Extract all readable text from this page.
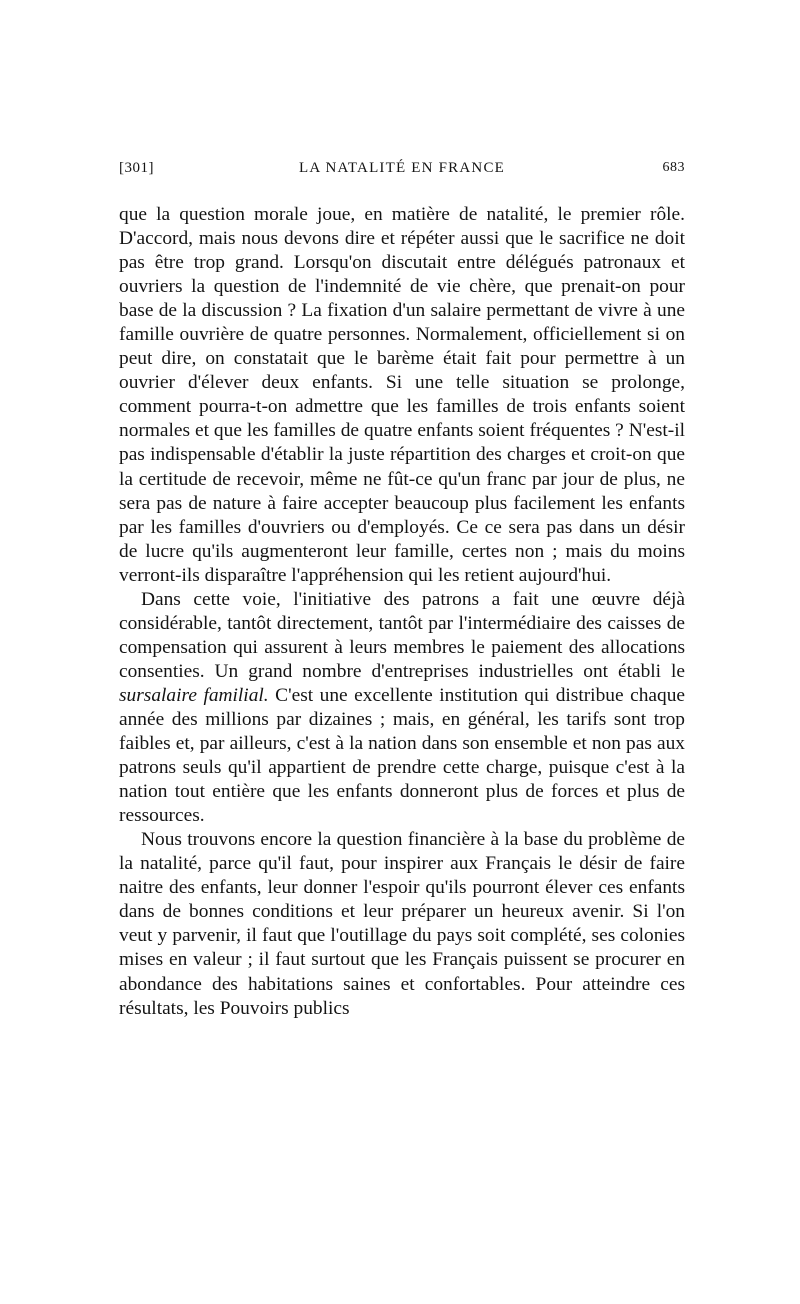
[301]	LA NATALITÉ EN FRANCE	683

que la question morale joue, en matière de natalité, le premier rôle. D'accord, mais nous devons dire et répéter aussi que le sacrifice ne doit pas être trop grand. Lorsqu'on discutait entre délégués patronaux et ouvriers la question de l'indemnité de vie chère, que prenait-on pour base de la discussion ? La fixation d'un salaire permettant de vivre à une famille ouvrière de quatre personnes. Normalement, officiellement si on peut dire, on constatait que le barème était fait pour permettre à un ouvrier d'élever deux enfants. Si une telle situation se prolonge, comment pourra-t-on admettre que les familles de trois enfants soient normales et que les familles de quatre enfants soient fréquentes ? N'est-il pas indispensable d'établir la juste répartition des charges et croit-on que la certitude de recevoir, même ne fût-ce qu'un franc par jour de plus, ne sera pas de nature à faire accepter beaucoup plus facilement les enfants par les familles d'ouvriers ou d'employés. Ce ce sera pas dans un désir de lucre qu'ils augmenteront leur famille, certes non ; mais du moins verront-ils disparaître l'appréhension qui les retient aujourd'hui.

Dans cette voie, l'initiative des patrons a fait une œuvre déjà considérable, tantôt directement, tantôt par l'intermédiaire des caisses de compensation qui assurent à leurs membres le paiement des allocations consenties. Un grand nombre d'entreprises industrielles ont établi le sursalaire familial. C'est une excellente institution qui distribue chaque année des millions par dizaines ; mais, en général, les tarifs sont trop faibles et, par ailleurs, c'est à la nation dans son ensemble et non pas aux patrons seuls qu'il appartient de prendre cette charge, puisque c'est à la nation tout entière que les enfants donneront plus de forces et plus de ressources.

Nous trouvons encore la question financière à la base du problème de la natalité, parce qu'il faut, pour inspirer aux Français le désir de faire naitre des enfants, leur donner l'espoir qu'ils pourront élever ces enfants dans de bonnes conditions et leur préparer un heureux avenir. Si l'on veut y parvenir, il faut que l'outillage du pays soit complété, ses colonies mises en valeur ; il faut surtout que les Français puissent se procurer en abondance des habitations saines et confortables. Pour atteindre ces résultats, les Pouvoirs publics
